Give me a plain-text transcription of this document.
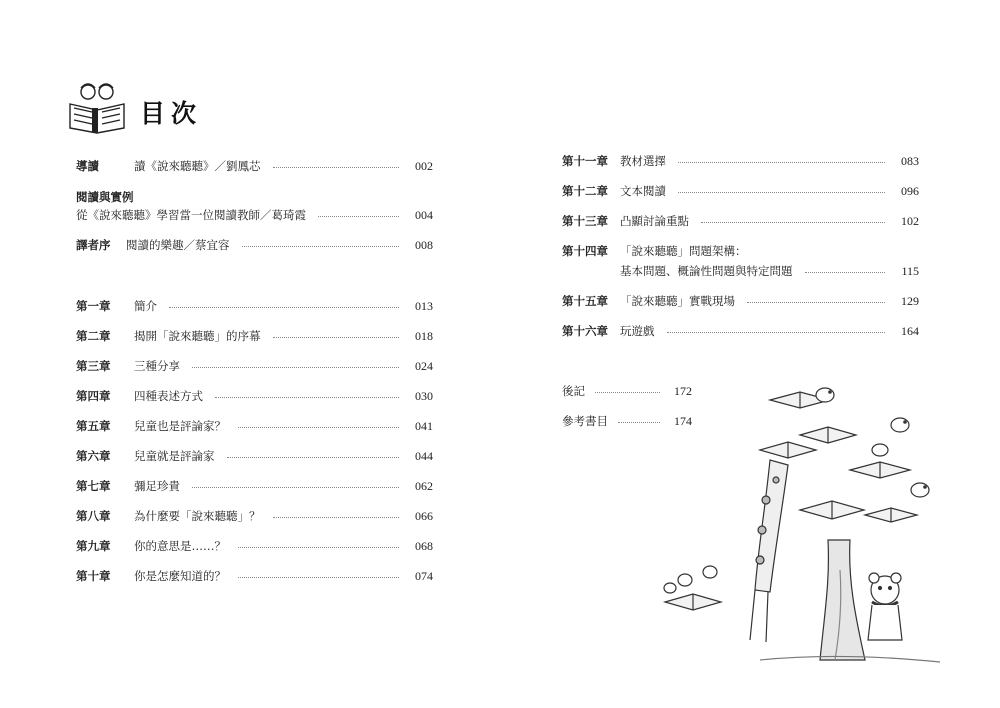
目次
導讀	讀《說來聽聽》／劉鳳芯	002
閱讀與實例
從《說來聽聽》學習當一位閱讀教師／葛琦霞	004
譯者序	閱讀的樂趣／蔡宜容	008
第一章	簡介	013
第二章	揭開「說來聽聽」的序幕	018
第三章	三種分享	024
第四章	四種表述方式	030
第五章	兒童也是評論家？	041
第六章	兒童就是評論家	044
第七章	彌足珍貴	062
第八章	為什麼要「說來聽聽」？	066
第九章	你的意思是……？	068
第十章	你是怎麼知道的？	074
第十一章	教材選擇	083
第十二章	文本閱讀	096
第十三章	凸顯討論重點	102
第十四章 「說來聽聽」問題架構：
基本問題、概論性問題與特定問題	115
第十五章	「說來聽聽」實戰現場	129
第十六章	玩遊戲	164
後記	172
參考書目	174
